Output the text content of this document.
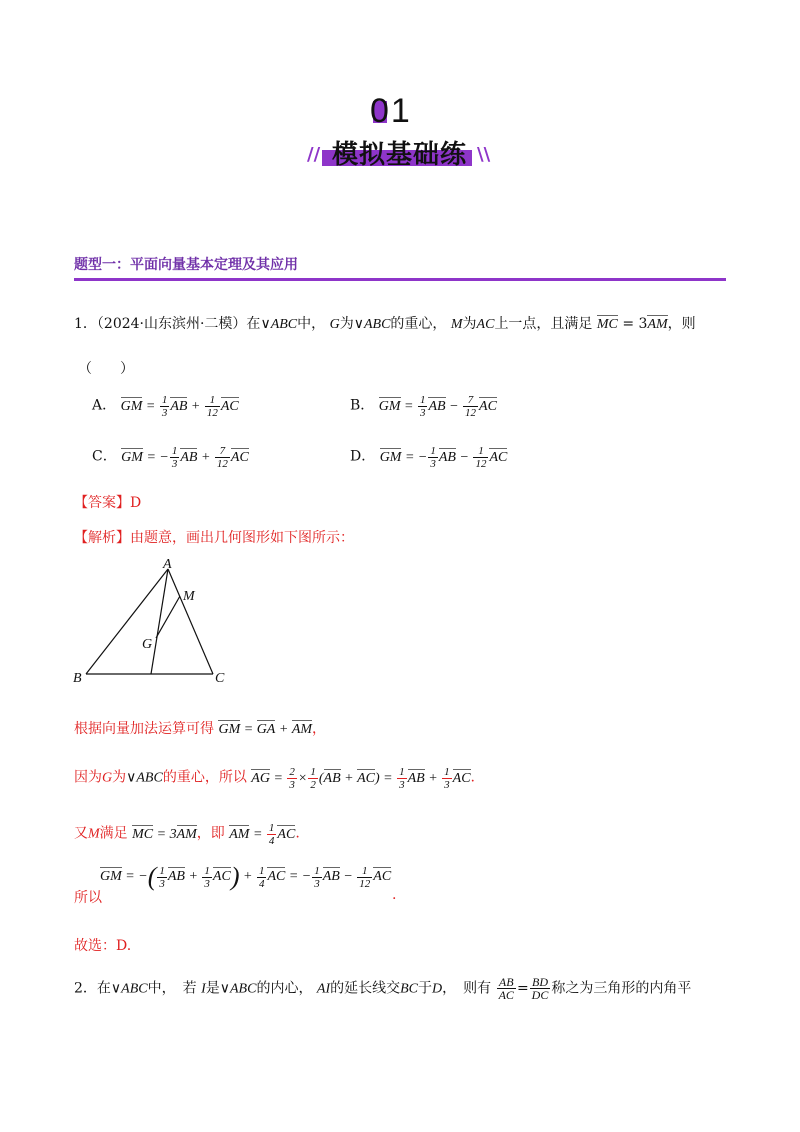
01
// 模拟基础练 \\
题型一：平面向量基本定理及其应用
1．（2024·山东滨州·二模）在∨ABC中， G为∨ABC的重心， M为AC上一点，且满足 MC = 3AM，则
（　　）
A． GM = $\frac{1}{3}$ AB + $\frac{1}{12}$ AC	B． GM = $\frac{1}{3}$ AB − $\frac{7}{12}$ AC
C． GM = − $\frac{1}{3}$ AB + $\frac{7}{12}$ AC	D． GM = − $\frac{1}{3}$ AB − $\frac{1}{12}$ AC
【答案】D
【解析】由题意，画出几何图形如下图所示：
A
M
G
B	C
根据向量加法运算可得 GM = GA + AM，
因为G为∨ABC的重心，所以 AG = $\frac{2}{3} \times \frac{1}{2} (AB + AC) = \frac{1}{3}$ AB + $\frac{1}{3}$ AC.
又M满足 MC = 3AM，即 AM = $\frac{1}{4}$ AC.
GM = −( $\frac{1}{3}$ AB + $\frac{1}{3} AC) + \frac{1}{4}$ AC = − $\frac{1}{3}$ AB − $\frac{1}{12}$ AC
所以	.
故选：D.
2．在∨ABC中，　若 I是∨ABC的内心， AI的延长线交BC于D，　则有 $\frac{AB}{AC} = \frac{BD}{DC}$ 称之为三角形的内角平
